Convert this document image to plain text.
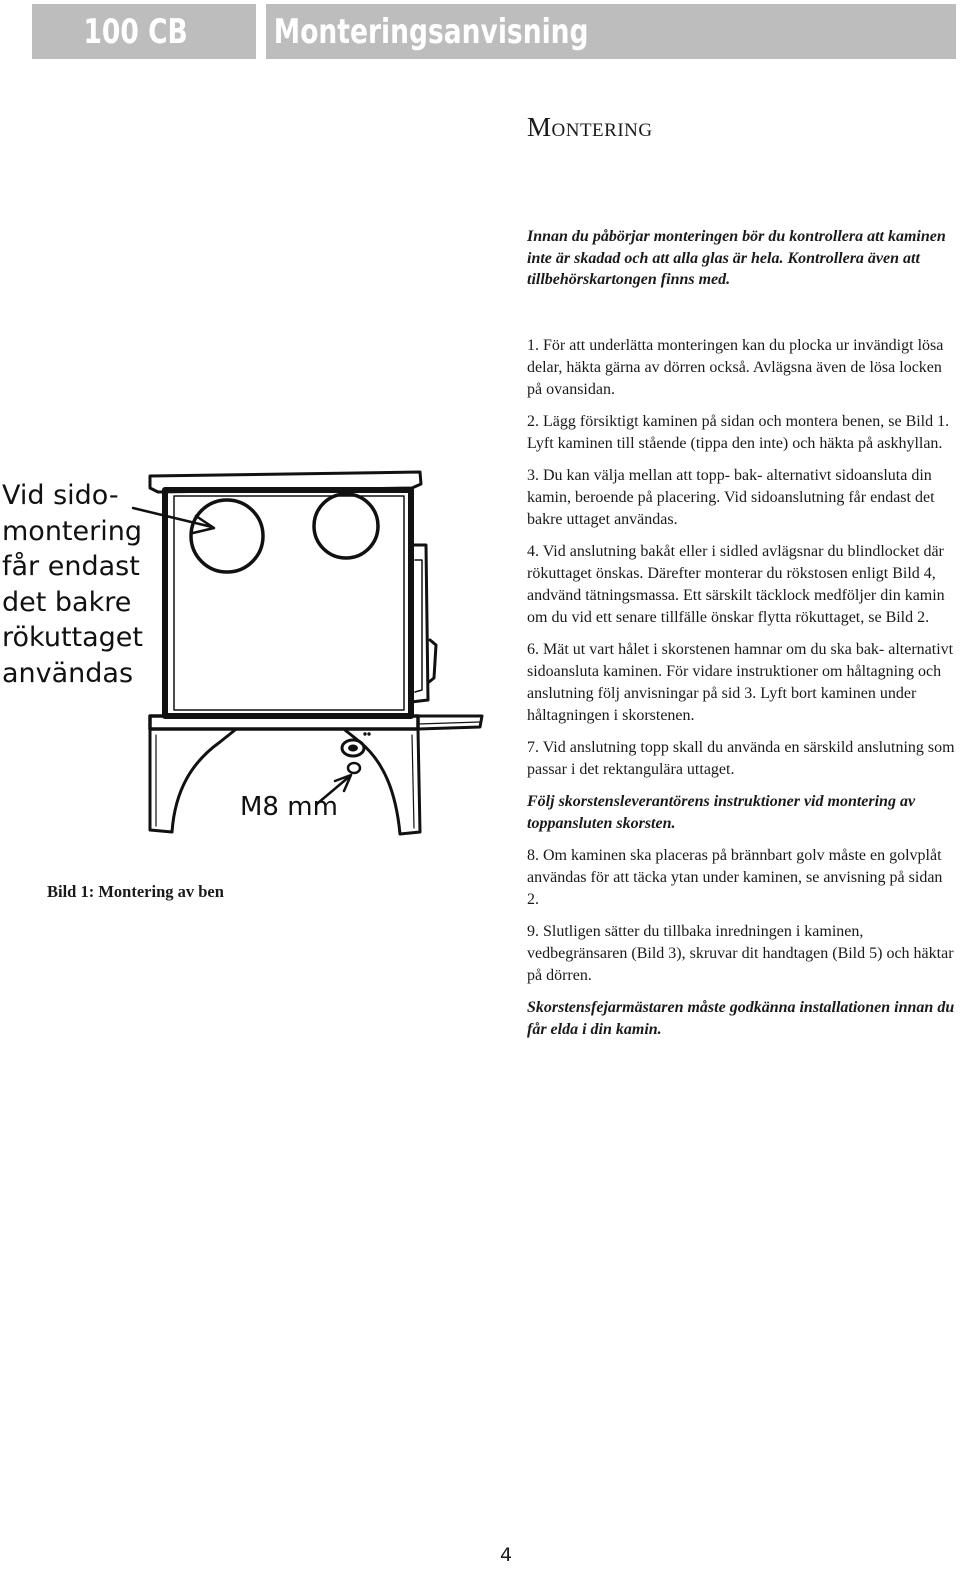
100 CB	Monteringsanvisning
Montering
Innan du påbörjar monteringen bör du kontrollera att kaminen inte är skadad och att alla glas är hela. Kontrollera även att tillbehörskartongen finns med.

1. För att underlätta monteringen kan du plocka ur invändigt lösa delar, häkta gärna av dörren också. Avlägsna även de lösa locken på ovansidan.

2. Lägg försiktigt kaminen på sidan och montera benen, se Bild 1. Lyft kaminen till stående (tippa den inte) och häkta på askhyllan.

3. Du kan välja mellan att topp- bak- alternativt sidoansluta din kamin, beroende på placering. Vid sidoanslutning får endast det bakre uttaget användas.

4. Vid anslutning bakåt eller i sidled avlägsnar du blindlocket där rökuttaget önskas. Därefter monterar du rökstosen enligt Bild 4, andvänd tätningsmassa. Ett särskilt täcklock medföljer din kamin om du vid ett senare tillfälle önskar flytta rökuttaget, se Bild 2.

6. Mät ut vart hålet i skorstenen hamnar om du ska bak- alternativt sidoansluta kaminen. För vidare instruktioner om håltagning och anslutning följ anvisningar på sid 3. Lyft bort kaminen under håltagningen i skorstenen.

7. Vid anslutning topp skall du använda en särskild anslutning som passar i det rektangulära uttaget.

Följ skorstensleverantörens instruktioner vid montering av toppansluten skorsten.

8. Om kaminen ska placeras på brännbart golv måste en golvplåt användas för att täcka ytan under kaminen, se anvisning på sidan 2.

9. Slutligen sätter du tillbaka inredningen i kaminen, vedbegränsaren (Bild 3), skruvar dit handtagen (Bild 5) och häktar på dörren.

Skorstensfejarmästaren måste godkänna installationen innan du får elda i din kamin.

Vid sido-
montering
får endast
det bakre
rökuttaget
användas
M8 mm
Bild 1: Montering av ben
4
